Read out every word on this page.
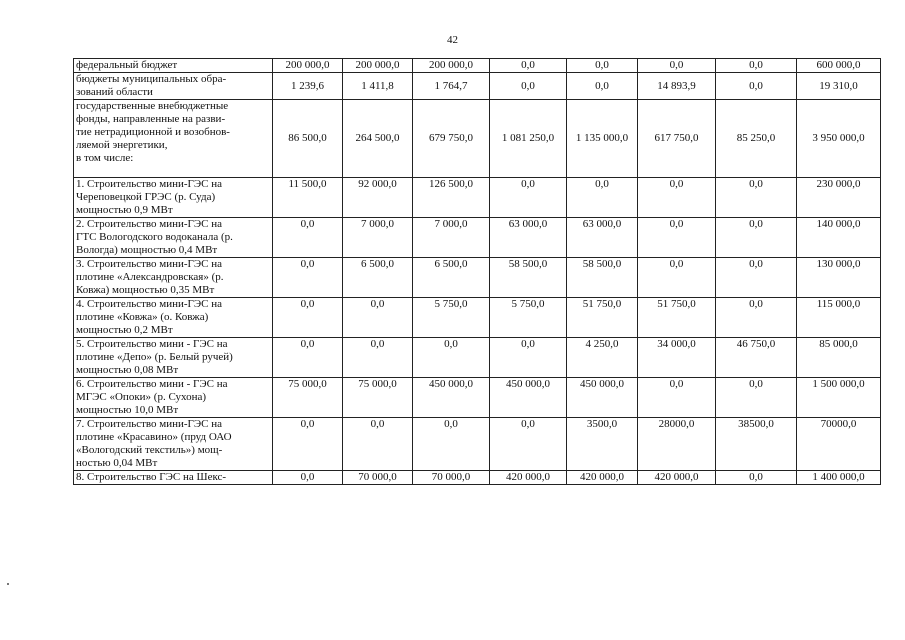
42
федеральный бюджет	200 000,0	200 000,0	200 000,0	0,0	0,0	0,0	0,0	600 000,0
бюджеты муниципальных обра-
зований области	1 239,6	1 411,8	1 764,7	0,0	0,0	14 893,9	0,0	19 310,0
государственные внебюджетные
фонды, направленные на разви-
тие нетрадиционной и возобнов-
ляемой энергетики,
в том числе:	86 500,0	264 500,0	679 750,0	1 081 250,0	1 135 000,0	617 750,0	85 250,0	3 950 000,0
1. Строительство мини-ГЭС на
Череповецкой ГРЭС (р. Суда)
мощностью 0,9 МВт	11 500,0	92 000,0	126 500,0	0,0	0,0	0,0	0,0	230 000,0
2. Строительство мини-ГЭС на
ГТС Вологодского водоканала (р.
Вологда) мощностью 0,4 МВт	0,0	7 000,0	7 000,0	63 000,0	63 000,0	0,0	0,0	140 000,0
3. Строительство мини-ГЭС на
плотине «Александровская» (р.
Ковжа) мощностью 0,35 МВт	0,0	6 500,0	6 500,0	58 500,0	58 500,0	0,0	0,0	130 000,0
4. Строительство мини-ГЭС на
плотине «Ковжа» (о. Ковжа)
мощностью 0,2 МВт	0,0	0,0	5 750,0	5 750,0	51 750,0	51 750,0	0,0	115 000,0
5. Строительство мини - ГЭС на
плотине «Депо» (р. Белый ручей)
мощностью 0,08 МВт	0,0	0,0	0,0	0,0	4 250,0	34 000,0	46 750,0	85 000,0
6. Строительство мини - ГЭС на
МГЭС «Опоки» (р. Сухона)
мощностью 10,0 МВт	75 000,0	75 000,0	450 000,0	450 000,0	450 000,0	0,0	0,0	1 500 000,0
7. Строительство мини-ГЭС на
плотине «Красавино» (пруд ОАО
«Вологодский текстиль») мощ-
ностью 0,04 МВт	0,0	0,0	0,0	0,0	3500,0	28000,0	38500,0	70000,0
8. Строительство ГЭС на Шекс-	0,0	70 000,0	70 000,0	420 000,0	420 000,0	420 000,0	0,0	1 400 000,0
